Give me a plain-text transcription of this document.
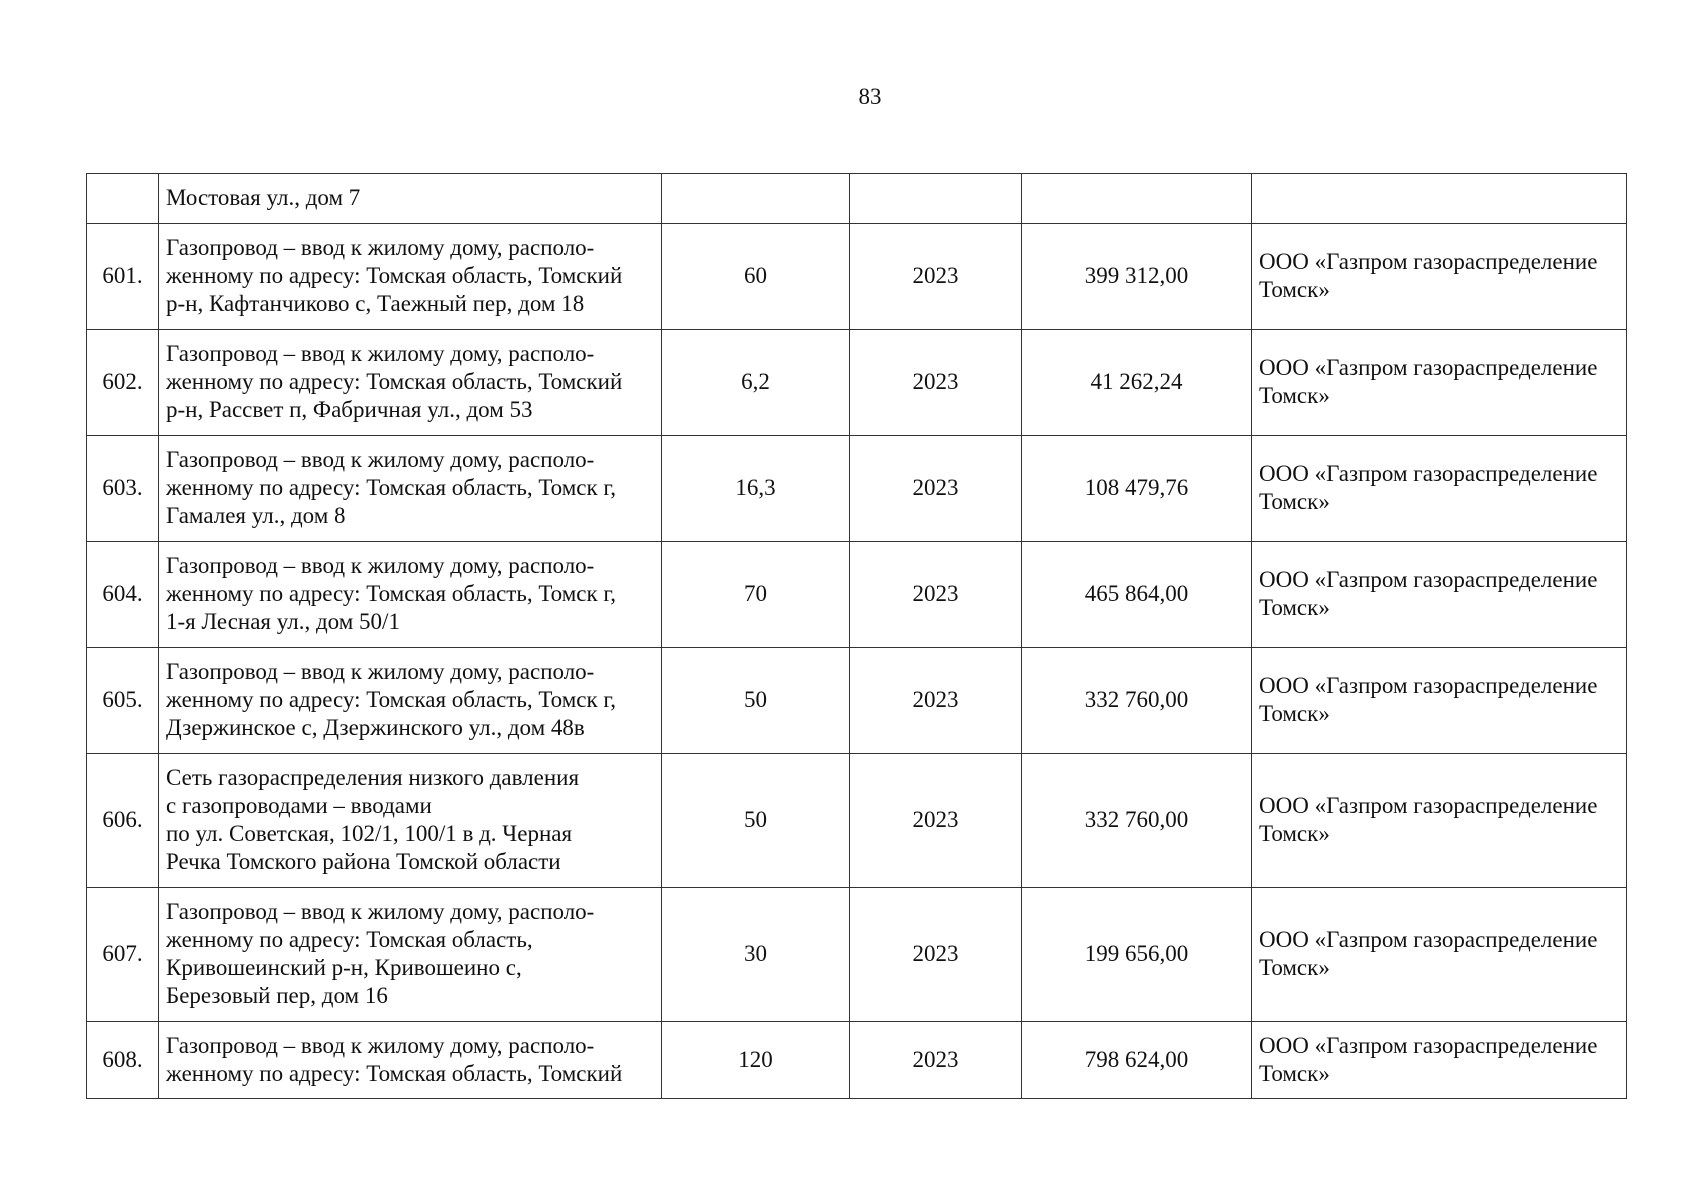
83
	Мостовая ул., дом 7				
601.	Газопровод – ввод к жилому дому, располо-
женному по адресу: Томская область, Томский
р-н, Кафтанчиково с, Таежный пер, дом 18	60	2023	399 312,00	ООО «Газпром газораспределение
Томск»
602.	Газопровод – ввод к жилому дому, располо-
женному по адресу: Томская область, Томский
р-н, Рассвет п, Фабричная ул., дом 53	6,2	2023	41 262,24	ООО «Газпром газораспределение
Томск»
603.	Газопровод – ввод к жилому дому, располо-
женному по адресу: Томская область, Томск г,
Гамалея ул., дом 8	16,3	2023	108 479,76	ООО «Газпром газораспределение
Томск»
604.	Газопровод – ввод к жилому дому, располо-
женному по адресу: Томская область, Томск г,
1-я Лесная ул., дом 50/1	70	2023	465 864,00	ООО «Газпром газораспределение
Томск»
605.	Газопровод – ввод к жилому дому, располо-
женному по адресу: Томская область, Томск г,
Дзержинское с, Дзержинского ул., дом 48в	50	2023	332 760,00	ООО «Газпром газораспределение
Томск»
606.	Сеть газораспределения низкого давления
с газопроводами – вводами
по ул. Советская, 102/1, 100/1 в д. Черная
Речка Томского района Томской области	50	2023	332 760,00	ООО «Газпром газораспределение
Томск»
607.	Газопровод – ввод к жилому дому, располо-
женному по адресу: Томская область,
Кривошеинский р-н, Кривошеино с,
Березовый пер, дом 16	30	2023	199 656,00	ООО «Газпром газораспределение
Томск»
608.	Газопровод – ввод к жилому дому, располо-
женному по адресу: Томская область, Томский	120	2023	798 624,00	ООО «Газпром газораспределение
Томск»
